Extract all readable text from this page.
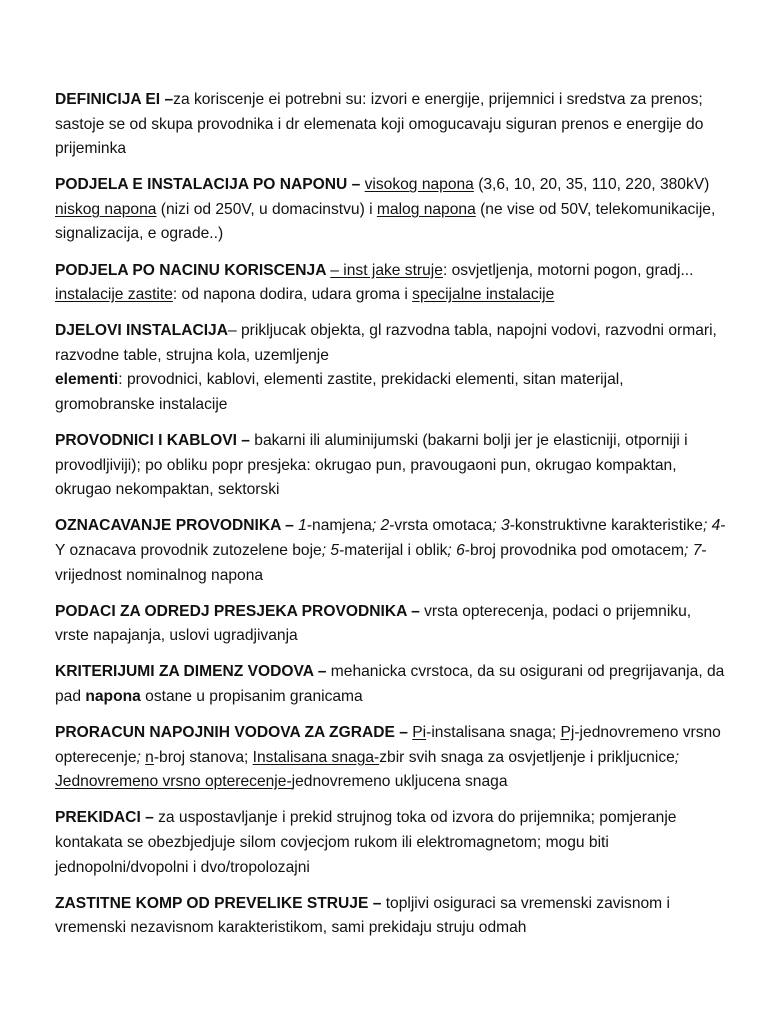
DEFINICIJA EI –za koriscenje ei potrebni su: izvori e energije, prijemnici i sredstva za prenos; sastoje se od skupa provodnika i dr elemenata koji omogucavaju siguran prenos e energije do prijeminka

PODJELA E INSTALACIJA PO NAPONU – visokog napona (3,6, 10, 20, 35, 110, 220, 380kV) niskog napona (nizi od 250V, u domacinstvu) i malog napona (ne vise od 50V, telekomunikacije, signalizacija, e ograde..)

PODJELA PO NACINU KORISCENJA – inst jake struje: osvjetljenja, motorni pogon, gradj... instalacije zastite: od napona dodira, udara groma i specijalne instalacije

DJELOVI INSTALACIJA– prikljucak objekta, gl razvodna tabla, napojni vodovi, razvodni ormari, razvodne table, strujna kola, uzemljenje
elementi: provodnici, kablovi, elementi zastite, prekidacki elementi, sitan materijal, gromobranske instalacije

PROVODNICI I KABLOVI – bakarni ili aluminijumski (bakarni bolji jer je elasticniji, otporniji i provodljiviji); po obliku popr presjeka: okrugao pun, pravougaoni pun, okrugao kompaktan, okrugao nekompaktan, sektorski

OZNACAVANJE PROVODNIKA – 1-namjena; 2-vrsta omotaca; 3-konstruktivne karakteristike; 4-Y oznacava provodnik zutozelene boje; 5-materijal i oblik; 6-broj provodnika pod omotacem; 7-vrijednost nominalnog napona

PODACI ZA ODREDJ PRESJEKA PROVODNIKA – vrsta opterecenja, podaci o prijemniku, vrste napajanja, uslovi ugradjivanja

KRITERIJUMI ZA DIMENZ VODOVA – mehanicka cvrstoca, da su osigurani od pregrijavanja, da pad napona ostane u propisanim granicama

PRORACUN NAPOJNIH VODOVA ZA ZGRADE – Pi-instalisana snaga; Pj-jednovremeno vrsno opterecenje; n-broj stanova; Instalisana snaga-zbir svih snaga za osvjetljenje i prikljucnice; Jednovremeno vrsno opterecenje-jednovremeno ukljucena snaga

PREKIDACI – za uspostavljanje i prekid strujnog toka od izvora do prijemnika; pomjeranje kontakata se obezbjedjuje silom covjecjom rukom ili elektromagnetom; mogu biti jednopolni/dvopolni i dvo/tropolozajni

ZASTITNE KOMP OD PREVELIKE STRUJE – topljivi osiguraci sa vremenski zavisnom i vremenski nezavisnom karakteristikom, sami prekidaju struju odmah
